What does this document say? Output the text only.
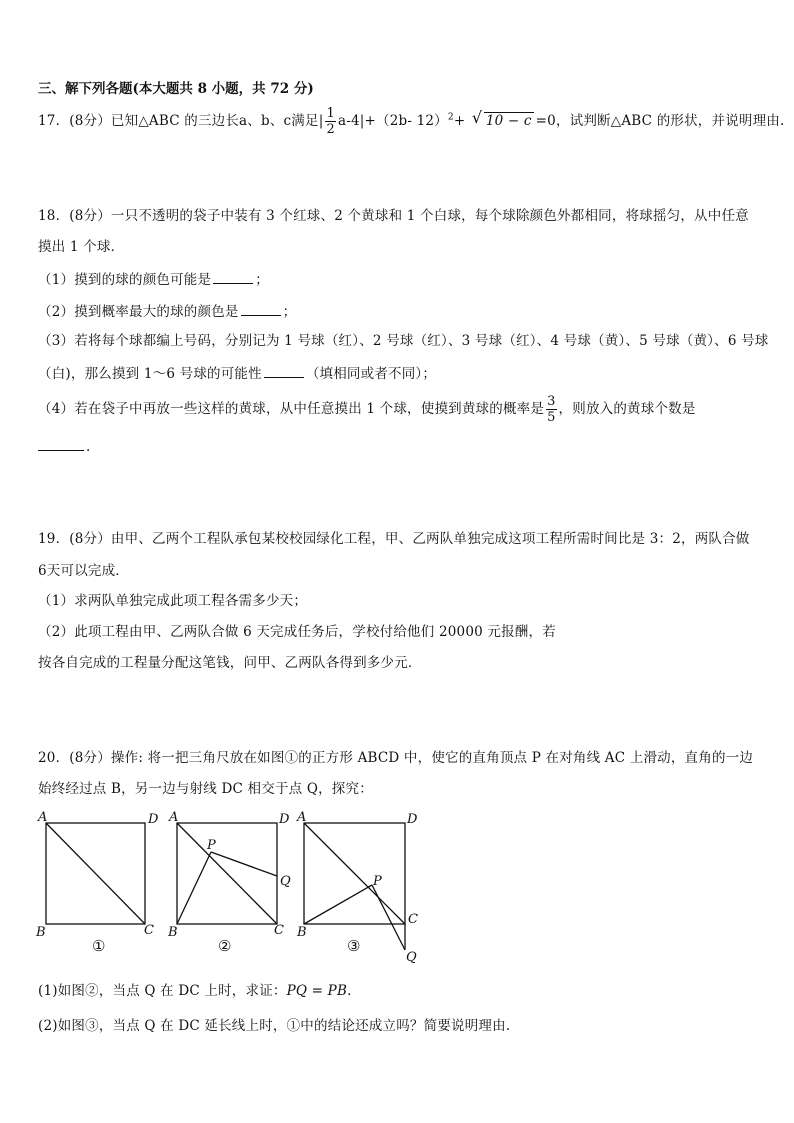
三、解下列各题(本大题共 8 小题，共 72 分)
17．(8分）已知△ABC 的三边长a、b、c满足| $\frac{1}{2} a-4|+(2b-$ 12）$^2$+ √ 10 − c =0，试判断△ABC 的形状，并说明理由.
18．(8分）一只不透明的袋子中装有 3 个红球、2 个黄球和 1 个白球，每个球除颜色外都相同，将球摇匀，从中任意
摸出 1 个球．
（1）摸到的球的颜色可能是	；
（2）摸到概率最大的球的颜色是	；
（3）若将每个球都编上号码，分别记为 1 号球（红）、2 号球（红）、3 号球（红）、4 号球（黄）、5 号球（黄）、6 号球
（白)，那么摸到 1～6 号球的可能性	（填相同或者不同）；
（4）若在袋子中再放一些这样的黄球，从中任意摸出 1 个球，使摸到黄球的概率是 $\frac{3}{5}$ ，则放入的黄球个数是
.
19．(8分）由甲、乙两个工程队承包某校校园绿化工程，甲、乙两队单独完成这项工程所需时间比是 3：2，两队合做
6天可以完成．
（1）求两队单独完成此项工程各需多少天；
（2）此项工程由甲、乙两队合做 6 天完成任务后，学校付给他们 20000 元报酬，若
按各自完成的工程量分配这笔钱，问甲、乙两队各得到多少元．
20．(8分）操作: 将一把三角尺放在如图①的正方形 ABCD 中，使它的直角顶点 P 在对角线 AC 上滑动，直角的一边
始终经过点 B，另一边与射线 DC 相交于点 Q，探究：
A	D
B	C
①
A	D
B	C
P
Q
②
A	D
B
C
P
Q
③
(1)如图②，当点 Q 在 DC 上时，求证：PQ = PB.
(2)如图③，当点 Q 在 DC 延长线上时，①中的结论还成立吗？简要说明理由.
